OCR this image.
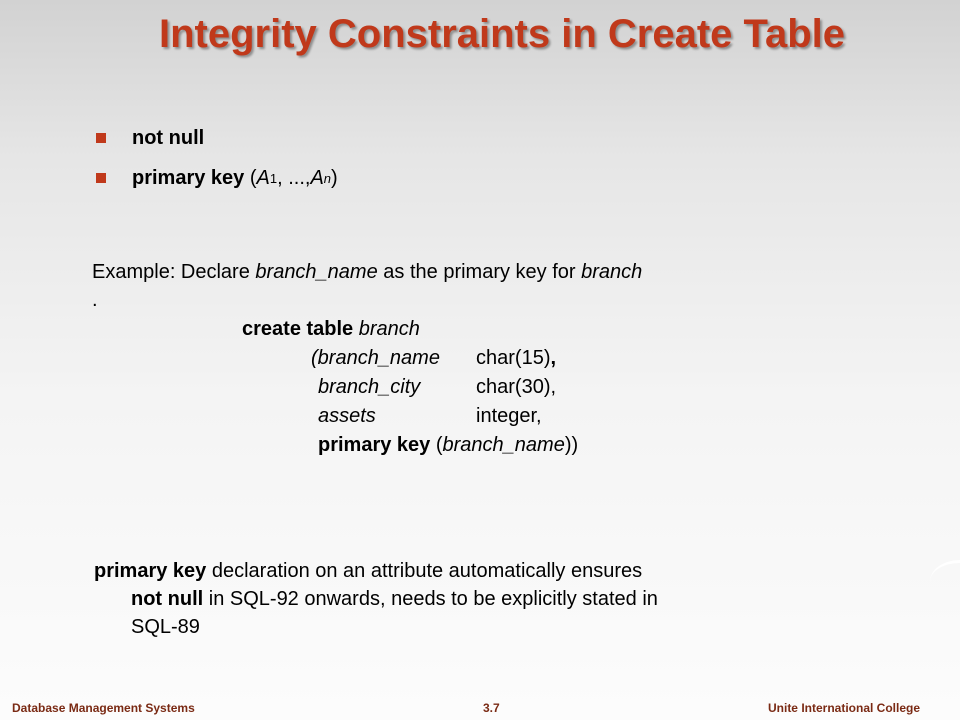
Integrity Constraints in Create Table
not null
primary key
( A 1 , ..., A n )
Example: Declare branch_name as the primary key for branch
.
create table branch
(branch_name char(15),
branch_city	char(30),
assets	integer,
primary key (branch_name))
primary key declaration on an attribute automatically ensures
not null in SQL-92 onwards, needs to be explicitly stated in
SQL-89
Database Management Systems	3.7	Unite International College
